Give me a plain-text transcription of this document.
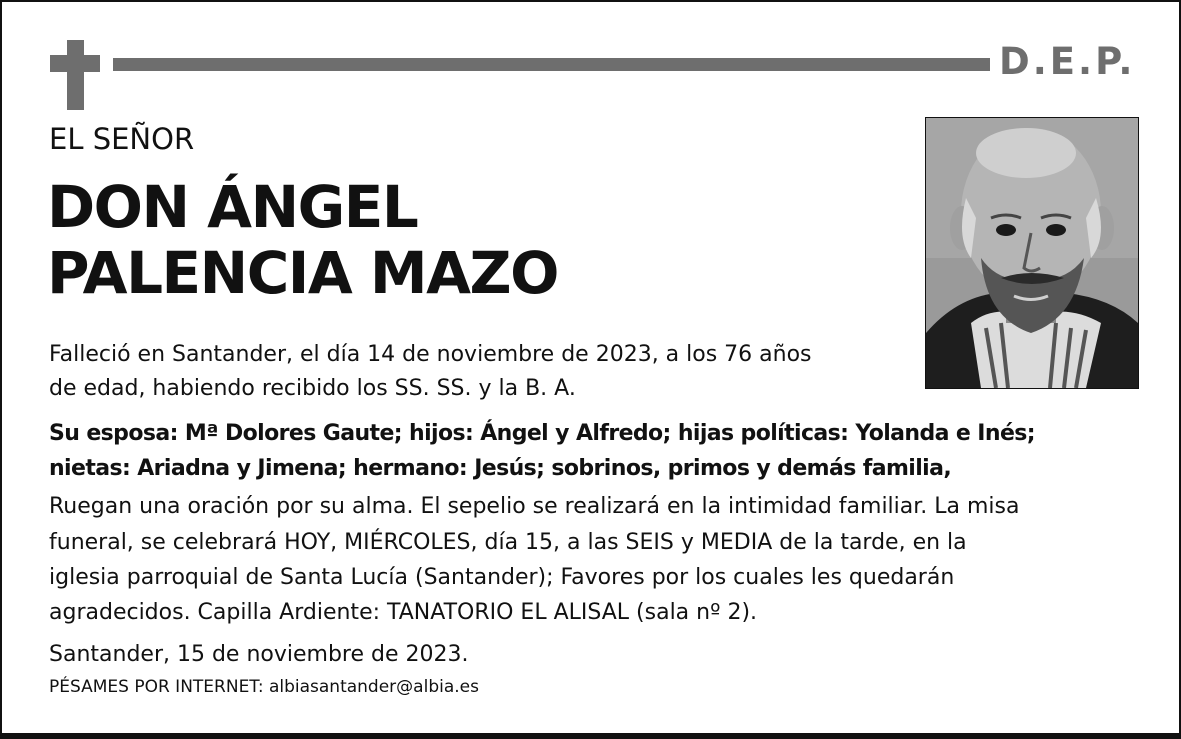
D.E.P.
EL SEÑOR
DON ÁNGEL
PALENCIA MAZO
Falleció en Santander, el día 14 de noviembre de 2023, a los 76 años
de edad, habiendo recibido los SS. SS. y la B. A.
Su esposa: Mª Dolores Gaute; hijos: Ángel y Alfredo; hijas políticas: Yolanda e Inés;
nietas: Ariadna y Jimena; hermano: Jesús; sobrinos, primos y demás familia,
Ruegan una oración por su alma. El sepelio se realizará en la intimidad familiar. La misa
funeral, se celebrará HOY, MIÉRCOLES, día 15, a las SEIS y MEDIA de la tarde, en la
iglesia parroquial de Santa Lucía (Santander); Favores por los cuales les quedarán
agradecidos. Capilla Ardiente: TANATORIO EL ALISAL (sala nº 2).
Santander, 15 de noviembre de 2023.
PÉSAMES POR INTERNET: albiasantander@albia.es
